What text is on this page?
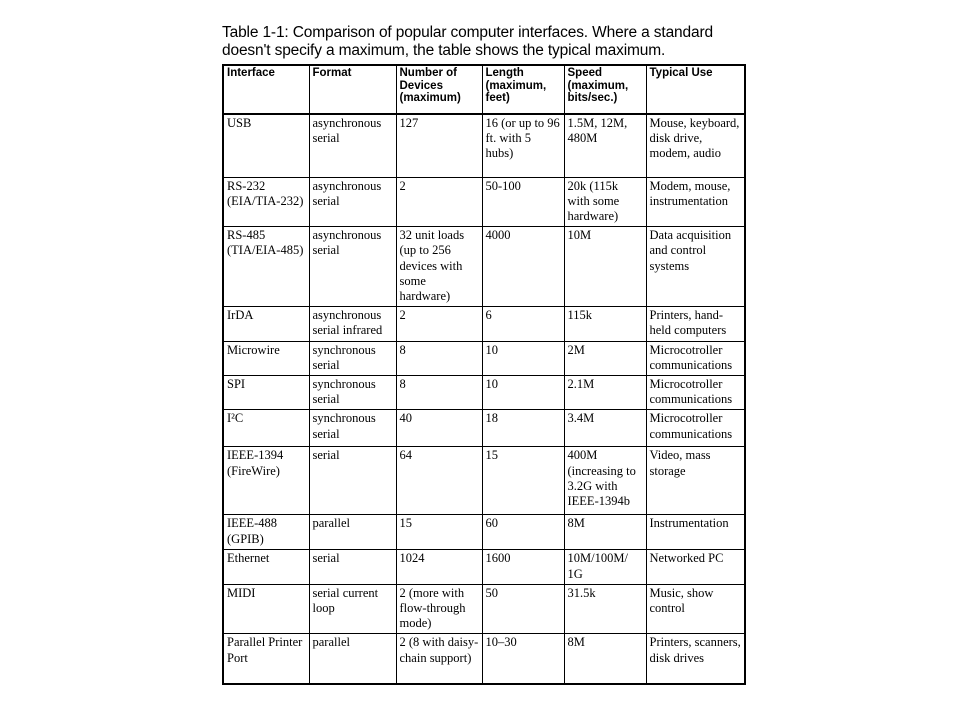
Table 1-1: Comparison of popular computer interfaces. Where a standard
doesn't specify a maximum, the table shows the typical maximum.
Interface	Format	Number of Devices (maximum)	Length (maximum, feet)	Speed (maximum, bits/sec.)	Typical Use
USB	asynchronous serial	127	16 (or up to 96 ft. with 5 hubs)	1.5M, 12M, 480M	Mouse, keyboard, disk drive, modem, audio
RS-232 (EIA/TIA-232)	asynchronous serial	2	50-100	20k (115k with some hardware)	Modem, mouse, instrumentation
RS-485 (TIA/EIA-485)	asynchronous serial	32 unit loads (up to 256 devices with some hardware)	4000	10M	Data acquisition and control systems
IrDA	asynchronous serial infrared	2	6	115k	Printers, hand-held computers
Microwire	synchronous serial	8	10	2M	Microcotroller communications
SPI	synchronous serial	8	10	2.1M	Microcotroller communications
I²C	synchronous serial	40	18	3.4M	Microcotroller communications
IEEE-1394 (FireWire)	serial	64	15	400M (increasing to 3.2G with IEEE-1394b	Video, mass storage
IEEE-488 (GPIB)	parallel	15	60	8M	Instrumentation
Ethernet	serial	1024	1600	10M/100M/ 1G	Networked PC
MIDI	serial current loop	2 (more with flow-through mode)	50	31.5k	Music, show control
Parallel Printer Port	parallel	2 (8 with daisy-chain support)	10–30	8M	Printers, scanners, disk drives
